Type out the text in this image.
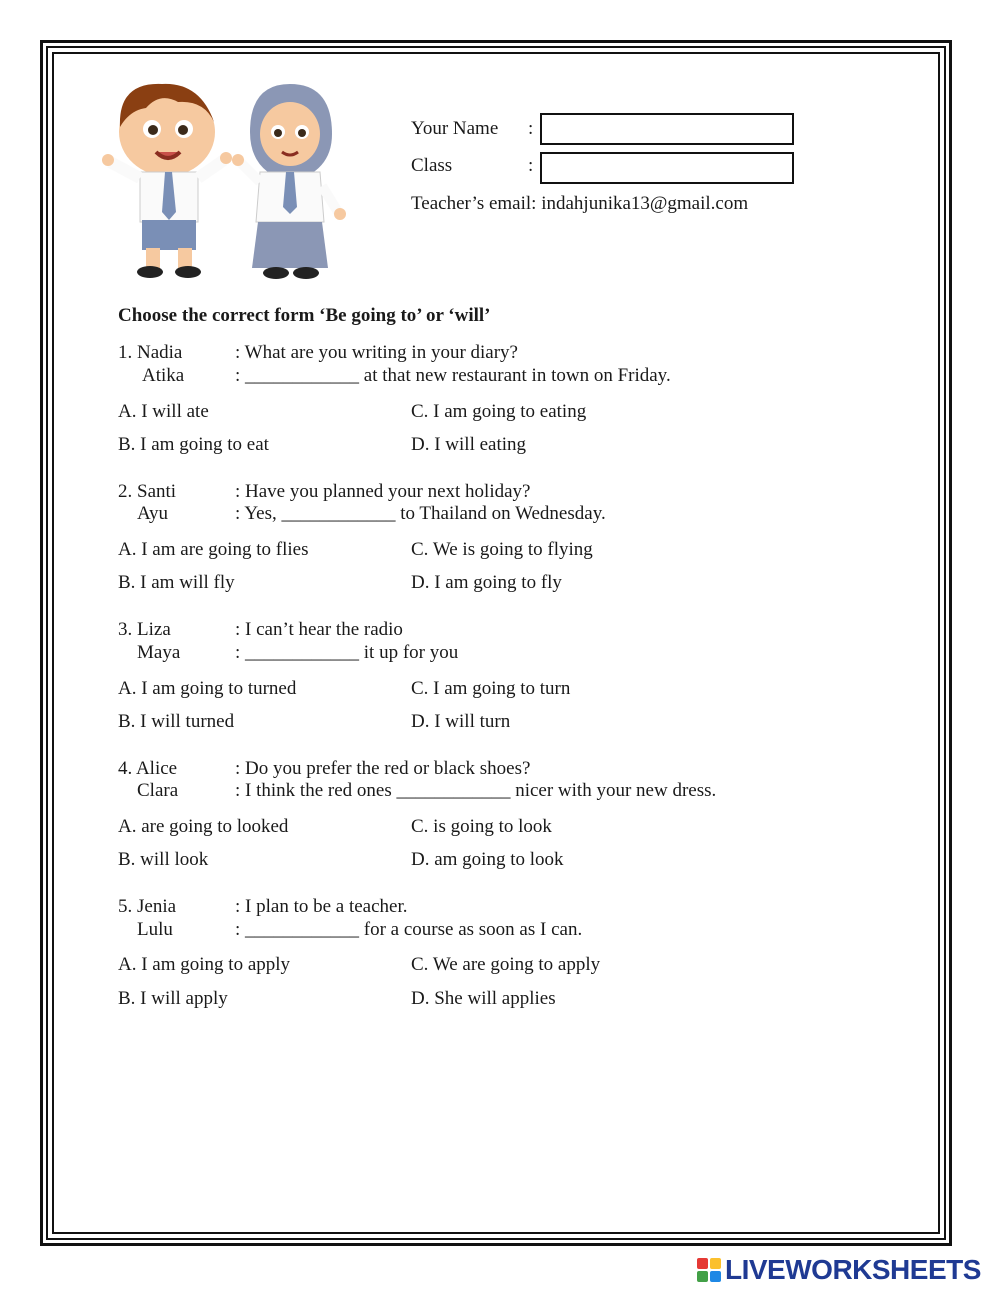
Your Name :
Class	:
Teacher’s email: indahjunika13@gmail.com
Choose the correct form ‘Be going to’ or ‘will’
1. Nadia	: What are you writing in your diary?
Atika	: ____________ at that new restaurant in town on Friday.
A. I will ate	C. I am going to eating
B. I am going to eat	D. I will eating
2. Santi	: Have you planned your next holiday?
Ayu	: Yes, ____________ to Thailand on Wednesday.
A. I am are going to flies	C. We is going to flying
B. I am will fly	D. I am going to fly
3. Liza	: I can’t hear the radio
Maya	: ____________ it up for you
A. I am going to turned	C. I am going to turn
B. I will turned	D. I will turn
4. Alice	: Do you prefer the red or black shoes?
Clara	: I think the red ones ____________ nicer with your new dress.
A. are going to looked	C. is going to look
B. will look	D. am going to look
5. Jenia	: I plan to be a teacher.
Lulu	: ____________ for a course as soon as I can.
A. I am going to apply	C. We are going to apply
B. I will apply	D. She will applies
LIVEWORKSHEETS
